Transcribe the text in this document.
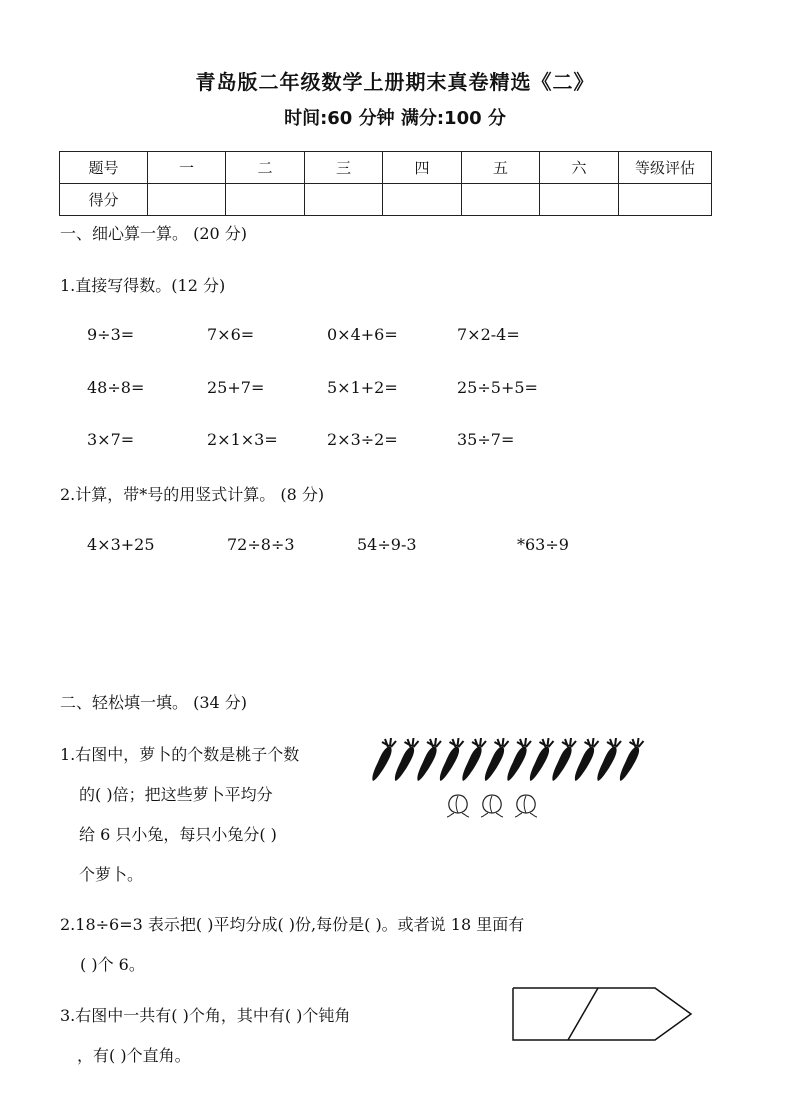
青岛版二年级数学上册期末真卷精选《二》
时间:60 分钟 满分:100 分
题号	一	二	三	四	五	六	等级评估
得分							
一、细心算一算。 (20 分)
1.直接写得数。(12 分)
9÷3=	7×6=	0×4+6=	7×2-4=
48÷8=	25+7=	5×1+2=	25÷5+5=
3×7=	2×1×3=	2×3÷2=	35÷7=
2.计算，带*号的用竖式计算。 (8 分)
4×3+25	72÷8÷3	54÷9-3	*63÷9
二、轻松填一填。 (34 分)
1.右图中，萝卜的个数是桃子个数
的( )倍；把这些萝卜平均分
给 6 只小兔，每只小兔分( )
个萝卜。
2.18÷6=3 表示把( )平均分成( )份,每份是( )。或者说 18 里面有
( )个 6。
3.右图中一共有( )个角，其中有( )个钝角
，有( )个直角。
